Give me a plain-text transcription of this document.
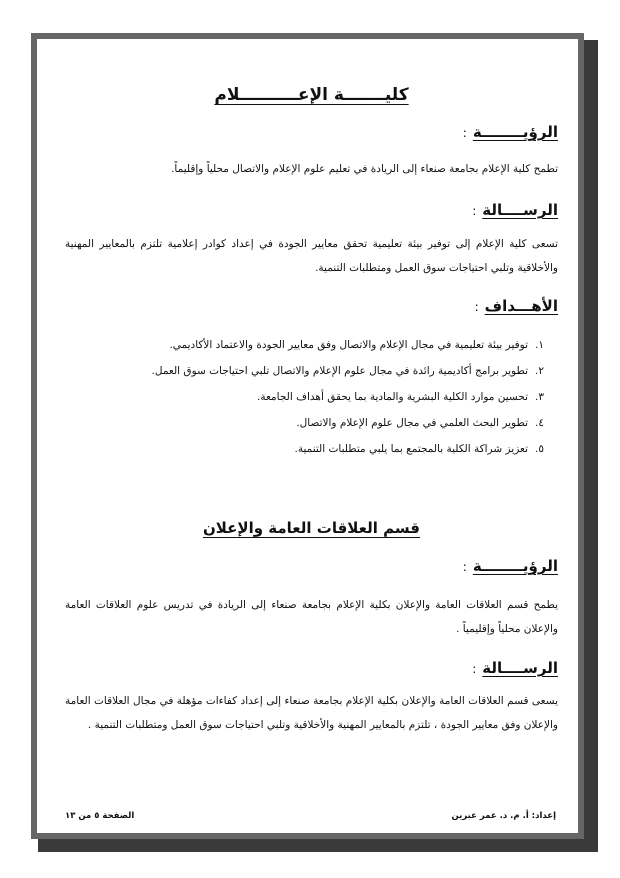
كليـــــــة الإعــــــــــلام
الرؤيــــــــة:
تطمح كلية الإعلام بجامعة صنعاء إلى الريادة في تعليم علوم الإعلام والاتصال محلياً وإقليماً.
الرســــالة:
تسعى كلية الإعلام إلى توفير بيئة تعليمية تحقق معايير الجودة في إعداد كوادر إعلامية تلتزم بالمعايير المهنية والأخلاقية وتلبي احتياجات سوق العمل ومتطلبات التنمية.
الأهـــداف:
١.توفير بيئة تعليمية في مجال الإعلام والاتصال وفق معايير الجودة والاعتماد الأكاديمي.
٢.تطوير برامج أكاديمية رائدة في مجال علوم الإعلام والاتصال تلبي احتياجات سوق العمل.
٣.تحسين موارد الكلية البشرية والمادية بما يحقق أهداف الجامعة.
٤.تطوير البحث العلمي في مجال علوم الإعلام والاتصال.
٥.تعزيز شراكة الكلية بالمجتمع بما يلبي متطلبات التنمية.
قسم العلاقات العامة والإعلان
الرؤيــــــــة:
يطمح قسم العلاقات العامة والإعلان بكلية الإعلام بجامعة صنعاء إلى الريادة في تدريس علوم العلاقات العامة والإعلان محلياً وإقليمياً .
الرســــالة:
يسعى قسم العلاقات العامة والإعلان بكلية الإعلام بجامعة صنعاء إلى إعداد كفاءات مؤهلة في مجال العلاقات العامة والإعلان وفق معايير الجودة ، تلتزم بالمعايير المهنية والأخلاقية وتلبي احتياجات سوق العمل ومتطلبات التنمية .
إعداد: أ. م. د. عمر عبرين
الصفحة ٥ من ١٣
